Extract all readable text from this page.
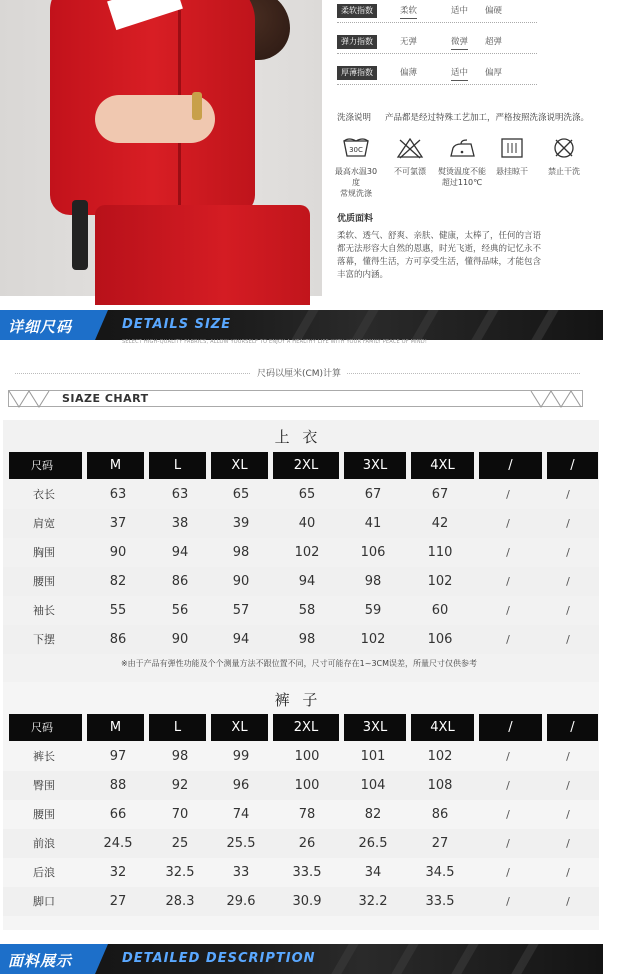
柔软指数	柔软	适中 偏硬
弹力指数	无弹	微弹 超弹
厚薄指数	偏薄	适中 偏厚
洗涤说明 产品都是经过特殊工艺加工，严格按照洗涤说明洗涤。
30C
最高水温30度
常规洗涤
不可氯漂	熨烫温度不能
超过110℃
悬挂晾干	禁止干洗
优质面料
柔软、透气、舒爽、亲肤、健康，太棒了，任何的言语
都无法形容大自然的恩惠，时光飞逝，经典的记忆永不
落幕，懂得生活，方可享受生活，懂得品味，才能包含
丰富的内涵。
详细尺码	DETAILS SIZE
SELECT HIGH-QUALITY FABRICS, ALLOW YOURSELF TO ENJOY A HEALTHY LIFE WITH YOUR FAMILY PEACE OF MIND!
尺码以厘米(CM)计算
SIAZE CHART
上 衣
尺码	M	L	XL	2XL	3XL	4XL	/	/
衣长	63	63	65	65	67	67	/	/
肩宽	37	38	39	40	41	42	/	/
胸围	90	94	98	102	106	110	/	/
腰围	82	86	90	94	98	102	/	/
袖长	55	56	57	58	59	60	/	/
下摆	86	90	94	98	102	106	/	/
※由于产品有弹性功能及个个测量方法不跟位置不同，尺寸可能存在1~3CM误差，所量尺寸仅供参考
裤 子
尺码	M	L	XL	2XL	3XL	4XL	/	/
裤长	97	98	99	100	101	102	/	/
臀围	88	92	96	100	104	108	/	/
腰围	66	70	74	78	82	86	/	/
前浪	24.5	25	25.5	26	26.5	27	/	/
后浪	32	32.5	33	33.5	34	34.5	/	/
脚口	27	28.3	29.6	30.9	32.2	33.5	/	/
面料展示	DETAILED DESCRIPTION
